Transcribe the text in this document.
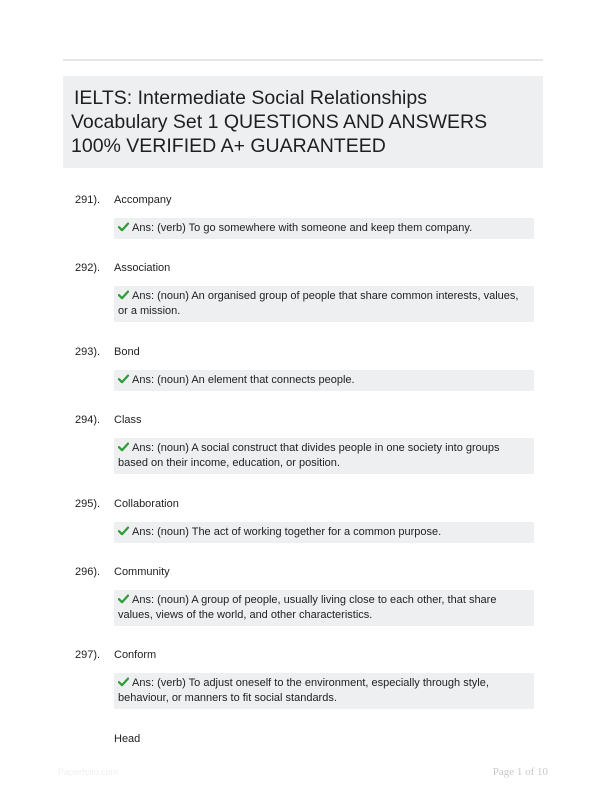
IELTS: Intermediate Social Relationships
Vocabulary Set 1 QUESTIONS AND ANSWERS
100% VERIFIED A+ GUARANTEED
291). Accompany
Ans: (verb) To go somewhere with someone and keep them company.
292). Association
Ans: (noun) An organised group of people that share common interests, values, or a mission.
293). Bond
Ans: (noun) An element that connects people.
294). Class
Ans: (noun) A social construct that divides people in one society into groups based on their income, education, or position.
295). Collaboration
Ans: (noun) The act of working together for a common purpose.
296). Community
Ans: (noun) A group of people, usually living close to each other, that share values, views of the world, and other characteristics.
297). Conform
Ans: (verb) To adjust oneself to the environment, especially through style, behaviour, or manners to fit social standards.
Head
Paperfolio.com	Page 1 of 10
